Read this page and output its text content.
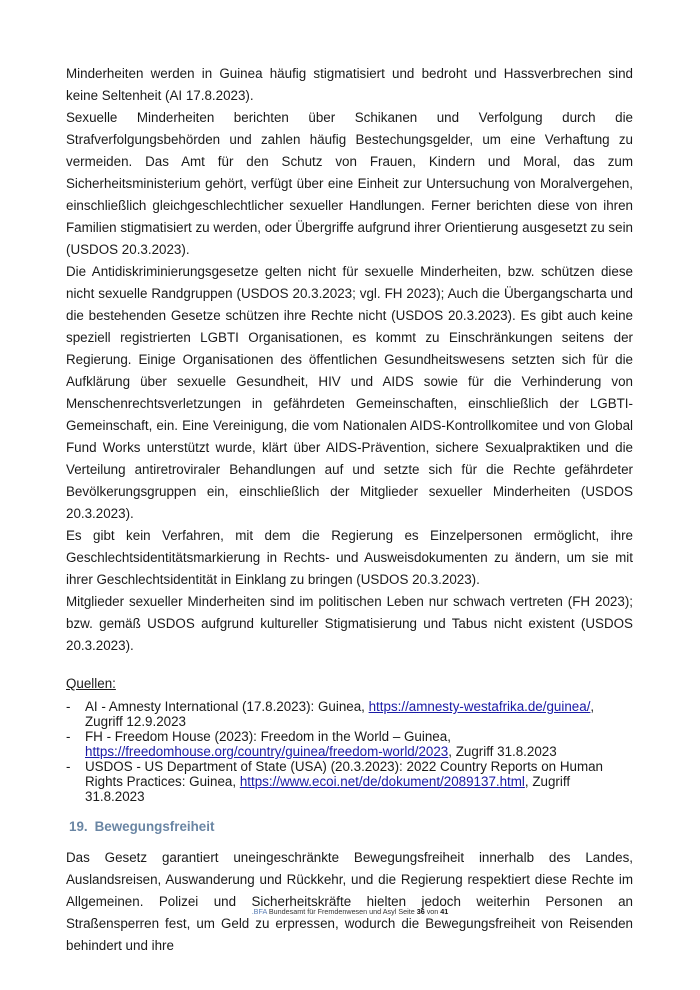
Minderheiten werden in Guinea häufig stigmatisiert und bedroht und Hassverbrechen sind keine Seltenheit (AI 17.8.2023).

Sexuelle Minderheiten berichten über Schikanen und Verfolgung durch die Strafverfolgungsbehörden und zahlen häufig Bestechungsgelder, um eine Verhaftung zu vermeiden. Das Amt für den Schutz von Frauen, Kindern und Moral, das zum Sicherheitsministerium gehört, verfügt über eine Einheit zur Untersuchung von Moralvergehen, einschließlich gleichgeschlechtlicher sexueller Handlungen. Ferner berichten diese von ihren Familien stigmatisiert zu werden, oder Übergriffe aufgrund ihrer Orientierung ausgesetzt zu sein (USDOS 20.3.2023).

Die Antidiskriminierungsgesetze gelten nicht für sexuelle Minderheiten, bzw. schützen diese nicht sexuelle Randgruppen (USDOS 20.3.2023; vgl. FH 2023); Auch die Übergangscharta und die bestehenden Gesetze schützen ihre Rechte nicht (USDOS 20.3.2023). Es gibt auch keine speziell registrierten LGBTI Organisationen, es kommt zu Einschränkungen seitens der Regierung. Einige Organisationen des öffentlichen Gesundheitswesens setzten sich für die Aufklärung über sexuelle Gesundheit, HIV und AIDS sowie für die Verhinderung von Menschenrechtsverletzungen in gefährdeten Gemeinschaften, einschließlich der LGBTI-Gemeinschaft, ein. Eine Vereinigung, die vom Nationalen AIDS-Kontrollkomitee und von Global Fund Works unterstützt wurde, klärt über AIDS-Prävention, sichere Sexualpraktiken und die Verteilung antiretroviraler Behandlungen auf und setzte sich für die Rechte gefährdeter Bevölkerungsgruppen ein, einschließlich der Mitglieder sexueller Minderheiten (USDOS 20.3.2023).

Es gibt kein Verfahren, mit dem die Regierung es Einzelpersonen ermöglicht, ihre Geschlechtsidentitätsmarkierung in Rechts- und Ausweisdokumenten zu ändern, um sie mit ihrer Geschlechtsidentität in Einklang zu bringen (USDOS 20.3.2023).

Mitglieder sexueller Minderheiten sind im politischen Leben nur schwach vertreten (FH 2023); bzw. gemäß USDOS aufgrund kultureller Stigmatisierung und Tabus nicht existent (USDOS 20.3.2023).

Quellen:
- AI - Amnesty International (17.8.2023): Guinea, https://amnesty-westafrika.de/guinea/, Zugriff 12.9.2023
- FH - Freedom House (2023): Freedom in the World – Guinea,
https://freedomhouse.org/country/guinea/freedom-world/2023, Zugriff 31.8.2023
- USDOS - US Department of State (USA) (20.3.2023): 2022 Country Reports on Human Rights Practices: Guinea, https://www.ecoi.net/de/dokument/2089137.html, Zugriff 31.8.2023
19. Bewegungsfreiheit

Das Gesetz garantiert uneingeschränkte Bewegungsfreiheit innerhalb des Landes, Auslandsreisen, Auswanderung und Rückkehr, und die Regierung respektiert diese Rechte im Allgemeinen. Polizei und Sicherheitskräfte hielten jedoch weiterhin Personen an Straßensperren fest, um Geld zu erpressen, wodurch die Bewegungsfreiheit von Reisenden behindert und ihre

.BFA Bundesamt für Fremdenwesen und Asyl Seite 36 von 41
